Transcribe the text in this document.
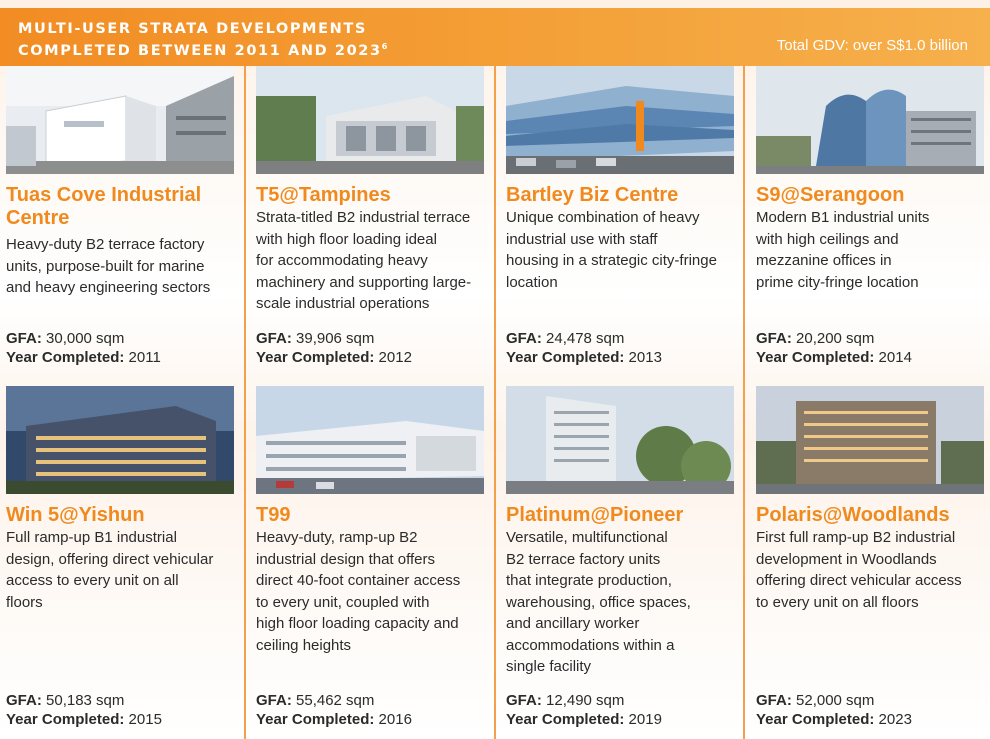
MULTI-USER STRATA DEVELOPMENTS
COMPLETED BETWEEN 2011 AND 2023$^6$	Total GDV: over S$1.0 billion
Tuas Cove Industrial
Centre
Heavy-duty B2 terrace factory
units, purpose-built for marine
and heavy engineering sectors
GFA: 30,000 sqm
Year Completed: 2011
T5@Tampines
Strata-titled B2 industrial terrace
with high floor loading ideal
for accommodating heavy
machinery and supporting large-
scale industrial operations
GFA: 39,906 sqm
Year Completed: 2012
Bartley Biz Centre
Unique combination of heavy
industrial use with staff
housing in a strategic city-fringe
location
GFA: 24,478 sqm
Year Completed: 2013
S9@Serangoon
Modern B1 industrial units
with high ceilings and
mezzanine offices in
prime city-fringe location
GFA: 20,200 sqm
Year Completed: 2014
Win 5@Yishun
Full ramp-up B1 industrial
design, offering direct vehicular
access to every unit on all
floors
GFA: 50,183 sqm
Year Completed: 2015
T99
Heavy-duty, ramp-up B2
industrial design that offers
direct 40-foot container access
to every unit, coupled with
high floor loading capacity and
ceiling heights
GFA: 55,462 sqm
Year Completed: 2016
Platinum@Pioneer
Versatile, multifunctional
B2 terrace factory units
that integrate production,
warehousing, office spaces,
and ancillary worker
accommodations within a
single facility
GFA: 12,490 sqm
Year Completed: 2019
Polaris@Woodlands
First full ramp-up B2 industrial
development in Woodlands
offering direct vehicular access
to every unit on all floors
GFA: 52,000 sqm
Year Completed: 2023
